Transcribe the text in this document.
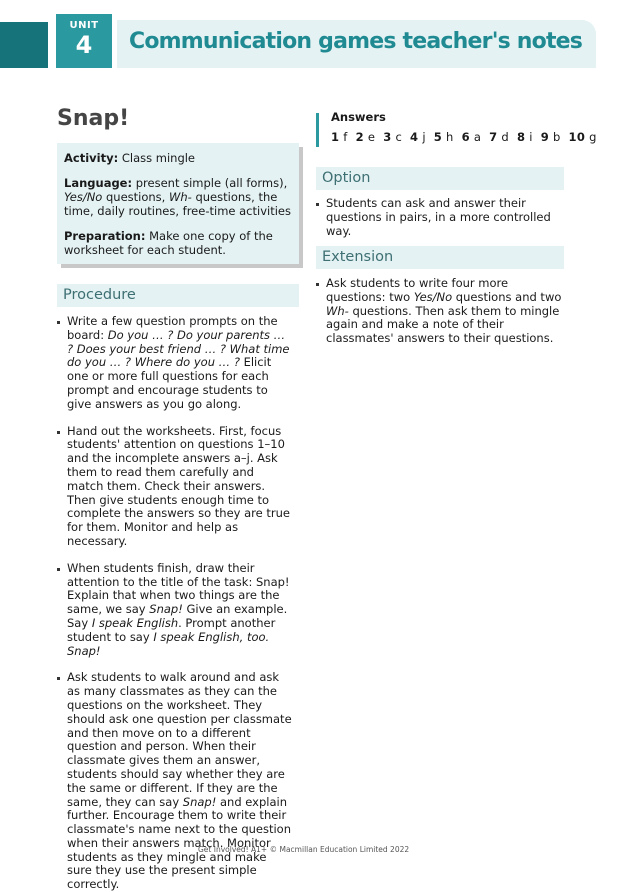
UNIT
4	Communication games teacher's notes
Snap!

Activity: Class mingle

Language: present simple (all forms), Yes/No questions, Wh- questions, the time, daily routines, free-time activities

Preparation: Make one copy of the worksheet for each student.

Procedure
Write a few question prompts on the board: Do you … ? Do your parents … ? Does your best friend … ? What time do you … ? Where do you … ? Elicit one or more full questions for each prompt and encourage students to give answers as you go along.
Hand out the worksheets. First, focus students' attention on questions 1–10 and the incomplete answers a–j. Ask them to read them carefully and match them. Check their answers. Then give students enough time to complete the answers so they are true for them. Monitor and help as necessary.
When students finish, draw their attention to the title of the task: Snap! Explain that when two things are the same, we say Snap! Give an example. Say I speak English. Prompt another student to say I speak English, too. Snap!
Ask students to walk around and ask as many classmates as they can the questions on the worksheet. They should ask one question per classmate and then move on to a different question and person. When their classmate gives them an answer, students should say whether they are the same or different. If they are the same, they can say Snap! and explain further. Encourage them to write their classmate's name next to the question when their answers match. Monitor students as they mingle and make sure they use the present simple correctly.
Answers
1 f 2 e 3 c 4 j 5 h 6 a 7 d 8 i 9 b 10 g
Option
Students can ask and answer their questions in pairs, in a more controlled way.
Extension
Ask students to write four more questions: two Yes/No questions and two Wh- questions. Then ask them to mingle again and make a note of their classmates' answers to their questions.
Get Involved! A1+ © Macmillan Education Limited 2022
